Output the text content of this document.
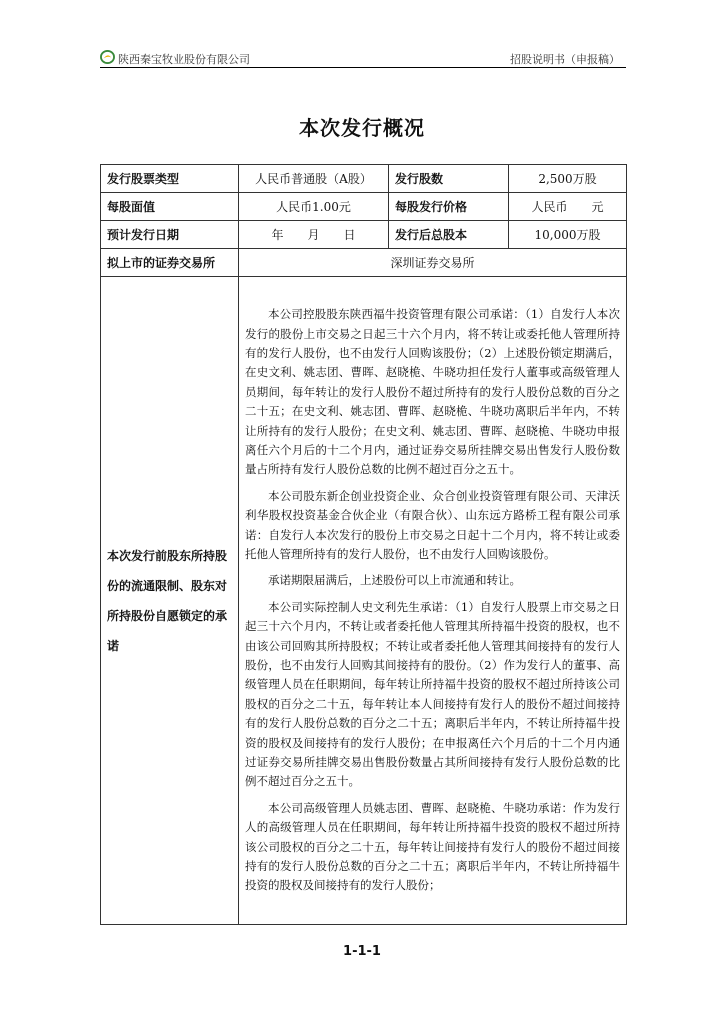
陕西秦宝牧业股份有限公司	招股说明书（申报稿）
本次发行概况
发行股票类型	人民币普通股（A股）	发行股数	2,500万股
每股面值	人民币1.00元	每股发行价格	人民币　　元
预计发行日期	年　　月　　日	发行后总股本	10,000万股
拟上市的证券交易所	深圳证券交易所		
本次发行前股东所持股份的流通限制、股东对所持股份自愿锁定的承诺	本公司控股股东陕西福牛投资管理有限公司承诺：（1）自发行人本次发行的股份上市交易之日起三十六个月内，将不转让或委托他人管理所持有的发行人股份，也不由发行人回购该股份；（2）上述股份锁定期满后，在史文利、姚志团、曹晖、赵晓桅、牛晓功担任发行人董事或高级管理人员期间，每年转让的发行人股份不超过所持有的发行人股份总数的百分之二十五；在史文利、姚志团、曹晖、赵晓桅、牛晓功离职后半年内，不转让所持有的发行人股份；在史文利、姚志团、曹晖、赵晓桅、牛晓功申报离任六个月后的十二个月内，通过证券交易所挂牌交易出售发行人股份数量占所持有发行人股份总数的比例不超过百分之五十。

本公司股东新企创业投资企业、众合创业投资管理有限公司、天津沃利华股权投资基金合伙企业（有限合伙）、山东远方路桥工程有限公司承诺：自发行人本次发行的股份上市交易之日起十二个月内，将不转让或委托他人管理所持有的发行人股份，也不由发行人回购该股份。

承诺期限届满后，上述股份可以上市流通和转让。

本公司实际控制人史文利先生承诺：（1）自发行人股票上市交易之日起三十六个月内，不转让或者委托他人管理其所持福牛投资的股权，也不由该公司回购其所持股权；不转让或者委托他人管理其间接持有的发行人股份，也不由发行人回购其间接持有的股份。（2）作为发行人的董事、高级管理人员在任职期间，每年转让所持福牛投资的股权不超过所持该公司股权的百分之二十五，每年转让本人间接持有发行人的股份不超过间接持有的发行人股份总数的百分之二十五；离职后半年内，不转让所持福牛投资的股权及间接持有的发行人股份；在申报离任六个月后的十二个月内通过证券交易所挂牌交易出售股份数量占其所间接持有发行人股份总数的比例不超过百分之五十。

本公司高级管理人员姚志团、曹晖、赵晓桅、牛晓功承诺：作为发行人的高级管理人员在任职期间，每年转让所持福牛投资的股权不超过所持该公司股权的百分之二十五，每年转让间接持有发行人的股份不超过间接持有的发行人股份总数的百分之二十五；离职后半年内，不转让所持福牛投资的股权及间接持有的发行人股份；		

1-1-1
